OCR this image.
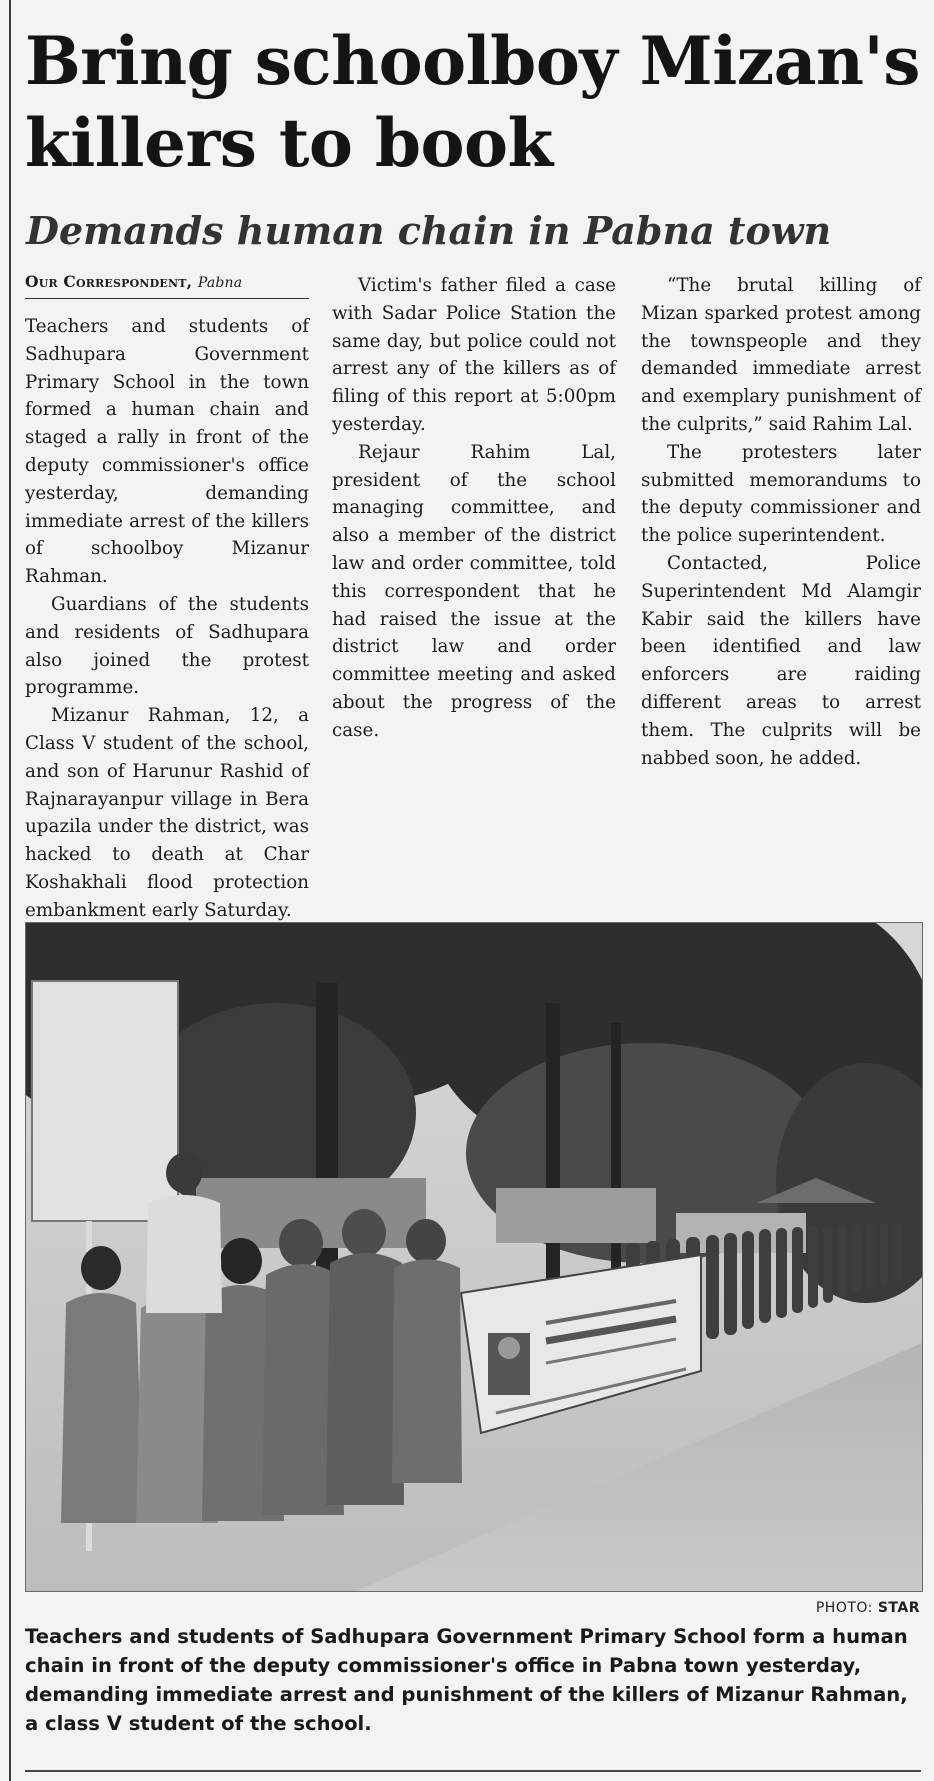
Bring schoolboy Mizan's
killers to book
Demands human chain in Pabna town
Our Correspondent, Pabna

Teachers and students of Sadhupara Government Primary School in the town formed a human chain and staged a rally in front of the deputy commissioner's office yesterday, demanding immediate arrest of the killers of schoolboy Mizanur Rahman.

Guardians of the students and residents of Sadhupara also joined the protest programme.

Mizanur Rahman, 12, a Class V student of the school, and son of Harunur Rashid of Rajnarayanpur village in Bera upazila under the district, was hacked to death at Char Koshakhali flood protection embankment early Saturday.

Victim's father filed a case with Sadar Police Station the same day, but police could not arrest any of the killers as of filing of this report at 5:00pm yesterday.

Rejaur Rahim Lal, president of the school managing committee, and also a member of the district law and order committee, told this correspondent that he had raised the issue at the district law and order committee meeting and asked about the progress of the case.

“The brutal killing of Mizan sparked protest among the townspeople and they demanded immediate arrest and exemplary punishment of the culprits,” said Rahim Lal.

The protesters later submitted memorandums to the deputy commissioner and the police superintendent.

Contacted, Police Superintendent Md Alamgir Kabir said the killers have been identified and law enforcers are raiding different areas to arrest them. The culprits will be nabbed soon, he added.

PHOTO: STAR

Teachers and students of Sadhupara Government Primary School form a human chain in front of the deputy commissioner's office in Pabna town yesterday, demanding immediate arrest and punishment of the killers of Mizanur Rahman, a class V student of the school.
